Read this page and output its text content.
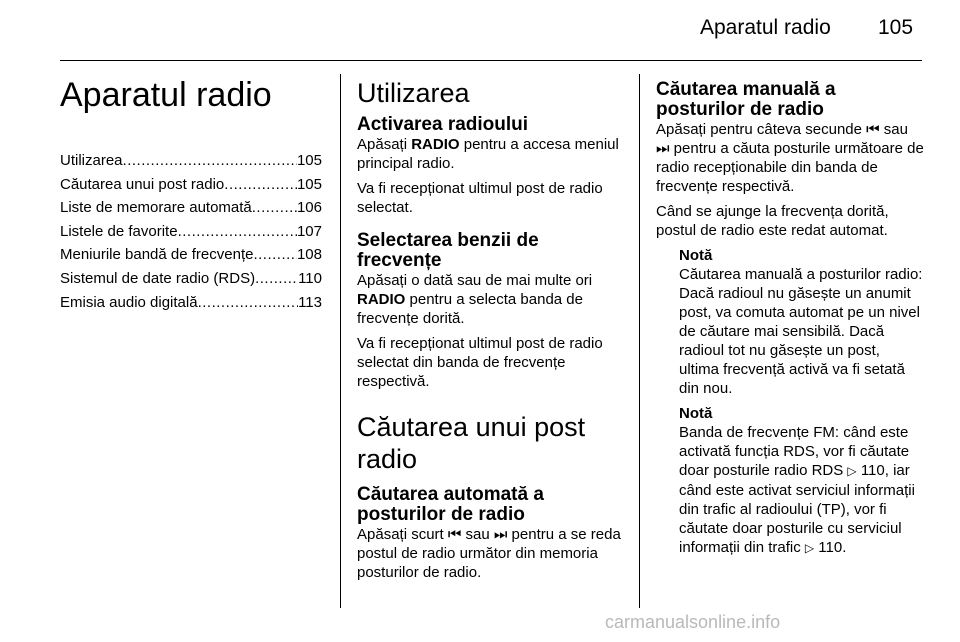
Aparatul radio 105
Aparatul radio
Utilizarea .....	105
Căutarea unui post radio .....	105
Liste de memorare automată .....	106
Listele de favorite .....	107
Meniurile bandă de frecvențe .....	108
Sistemul de date radio (RDS) .....	110
Emisia audio digitală .....	113
Utilizarea
Activarea radioului

Apăsați RADIO pentru a accesa meniul principal radio.

Va fi recepționat ultimul post de radio selectat.

Selectarea benzii de frecvențe

Apăsați o dată sau de mai multe ori RADIO pentru a selecta banda de frecvențe dorită.

Va fi recepționat ultimul post de radio selectat din banda de frecvențe respectivă.

Căutarea unui post radio
Căutarea automată a posturilor de radio

Apăsați scurt ⏮ sau ⏭ pentru a se reda postul de radio următor din memoria posturilor de radio.

Căutarea manuală a posturilor de radio

Apăsați pentru câteva secunde ⏮ sau ⏭ pentru a căuta posturile următoare de radio recepționabile din banda de frecvențe respectivă.

Când se ajunge la frecvența dorită, postul de radio este redat automat.

Notă

Căutarea manuală a posturilor radio: Dacă radioul nu găsește un anumit post, va comuta automat pe un nivel de căutare mai sensibilă. Dacă radioul tot nu găsește un post, ultima frecvență activă va fi setată din nou.

Notă

Banda de frecvențe FM: când este activată funcția RDS, vor fi căutate doar posturile radio RDS ▷ 110, iar când este activat serviciul informații din trafic al radioului (TP), vor fi căutate doar posturile cu serviciul informații din trafic ▷ 110.

carmanualsonline.info
